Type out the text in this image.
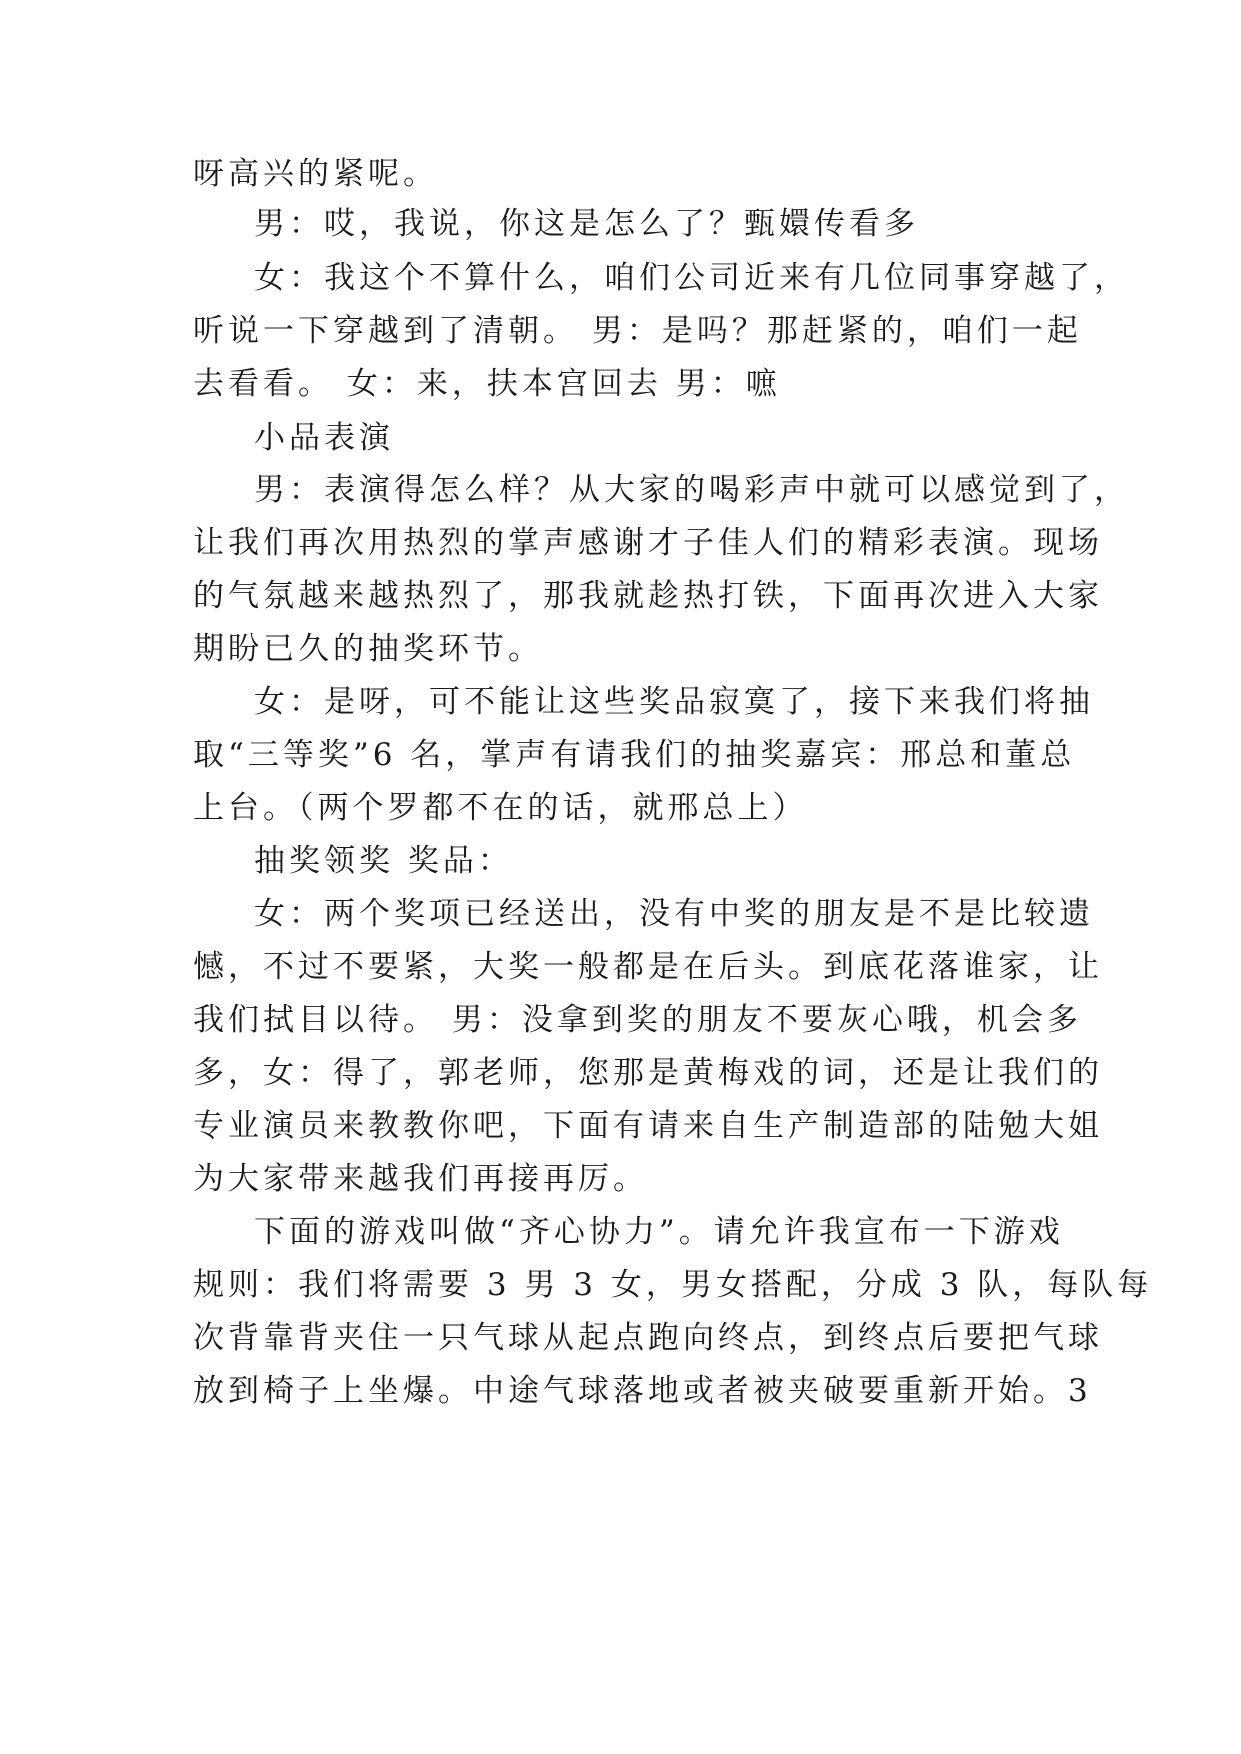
呀高兴的紧呢。

男：哎，我说，你这是怎么了？甄嬛传看多

女：我这个不算什么，咱们公司近来有几位同事穿越了，

听说一下穿越到了清朝。 男：是吗？那赶紧的，咱们一起

去看看。 女：来，扶本宫回去 男：嗻

小品表演

男：表演得怎么样？从大家的喝彩声中就可以感觉到了，

让我们再次用热烈的掌声感谢才子佳人们的精彩表演。现场

的气氛越来越热烈了，那我就趁热打铁，下面再次进入大家

期盼已久的抽奖环节。

女：是呀，可不能让这些奖品寂寞了，接下来我们将抽

取“三等奖”6 名，掌声有请我们的抽奖嘉宾：邢总和董总

上台。（两个罗都不在的话，就邢总上）

抽奖领奖 奖品：

女：两个奖项已经送出，没有中奖的朋友是不是比较遗

憾，不过不要紧，大奖一般都是在后头。到底花落谁家，让

我们拭目以待。 男：没拿到奖的朋友不要灰心哦，机会多

多，女：得了，郭老师，您那是黄梅戏的词，还是让我们的

专业演员来教教你吧，下面有请来自生产制造部的陆勉大姐

为大家带来越我们再接再厉。

下面的游戏叫做“齐心协力”。请允许我宣布一下游戏

规则：我们将需要 3 男 3 女，男女搭配，分成 3 队，每队每

次背靠背夹住一只气球从起点跑向终点，到终点后要把气球

放到椅子上坐爆。中途气球落地或者被夹破要重新开始。3
